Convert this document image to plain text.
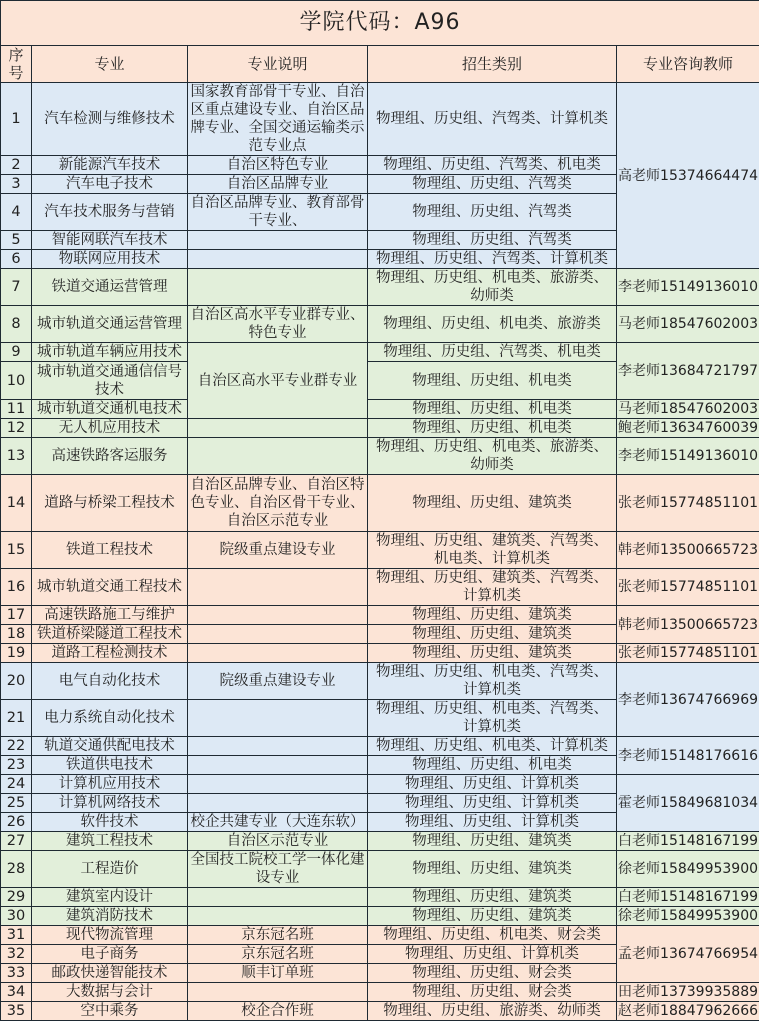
学院代码：A96				
序号	专业	专业说明	招生类别	专业咨询教师
1	汽车检测与维修技术	国家教育部骨干专业、自治区重点建设专业、自治区品牌专业、全国交通运输类示范专业点	物理组、历史组、汽驾类、计算机类	高老师15374664474
2	新能源汽车技术	自治区特色专业	物理组、历史组、汽驾类、机电类	
3	汽车电子技术	自治区品牌专业	物理组、历史组、汽驾类	
4	汽车技术服务与营销	自治区品牌专业、教育部骨干专业、	物理组、历史组、汽驾类	
5	智能网联汽车技术		物理组、历史组、汽驾类	
6	物联网应用技术		物理组、历史组、汽驾类、计算机类	
7	铁道交通运营管理		物理组、历史组、机电类、旅游类、幼师类	李老师15149136010
8	城市轨道交通运营管理	自治区高水平专业群专业、特色专业	物理组、历史组、机电类、旅游类	马老师18547602003
9	城市轨道车辆应用技术	自治区高水平专业群专业	物理组、历史组、汽驾类、机电类	李老师13684721797
10	城市轨道交通通信信号技术		物理组、历史组、机电类	
11	城市轨道交通机电技术		物理组、历史组、机电类	马老师18547602003
12	无人机应用技术		物理组、历史组、机电类	鲍老师13634760039
13	高速铁路客运服务		物理组、历史组、机电类、旅游类、幼师类	李老师15149136010
14	道路与桥梁工程技术	自治区品牌专业、自治区特色专业、自治区骨干专业、自治区示范专业	物理组、历史组、建筑类	张老师15774851101
15	铁道工程技术	院级重点建设专业	物理组、历史组、建筑类、汽驾类、机电类、计算机类	韩老师13500665723
16	城市轨道交通工程技术		物理组、历史组、建筑类、汽驾类、计算机类	张老师15774851101
17	高速铁路施工与维护		物理组、历史组、建筑类	韩老师13500665723
18	铁道桥梁隧道工程技术		物理组、历史组、建筑类	
19	道路工程检测技术		物理组、历史组、建筑类	张老师15774851101
20	电气自动化技术	院级重点建设专业	物理组、历史组、机电类、汽驾类、计算机类	李老师13674766969
21	电力系统自动化技术		物理组、历史组、机电类、汽驾类、计算机类	
22	轨道交通供配电技术		物理组、历史组、机电类、计算机类	李老师15148176616
23	铁道供电技术		物理组、历史组、机电类	
24	计算机应用技术		物理组、历史组、计算机类	霍老师15849681034
25	计算机网络技术		物理组、历史组、计算机类	
26	软件技术	校企共建专业（大连东软）	物理组、历史组、计算机类	
27	建筑工程技术	自治区示范专业	物理组、历史组、建筑类	白老师15148167199
28	工程造价	全国技工院校工学一体化建设专业	物理组、历史组、建筑类	徐老师15849953900
29	建筑室内设计		物理组、历史组、建筑类	白老师15148167199
30	建筑消防技术		物理组、历史组、建筑类	徐老师15849953900
31	现代物流管理	京东冠名班	物理组、历史组、机电类、财会类	孟老师13674766954
32	电子商务	京东冠名班	物理组、历史组、计算机类	
33	邮政快递智能技术	顺丰订单班	物理组、历史组、财会类	
34	大数据与会计		物理组、历史组、财会类	田老师13739935889
35	空中乘务	校企合作班	物理组、历史组、旅游类、幼师类	赵老师18847962666
